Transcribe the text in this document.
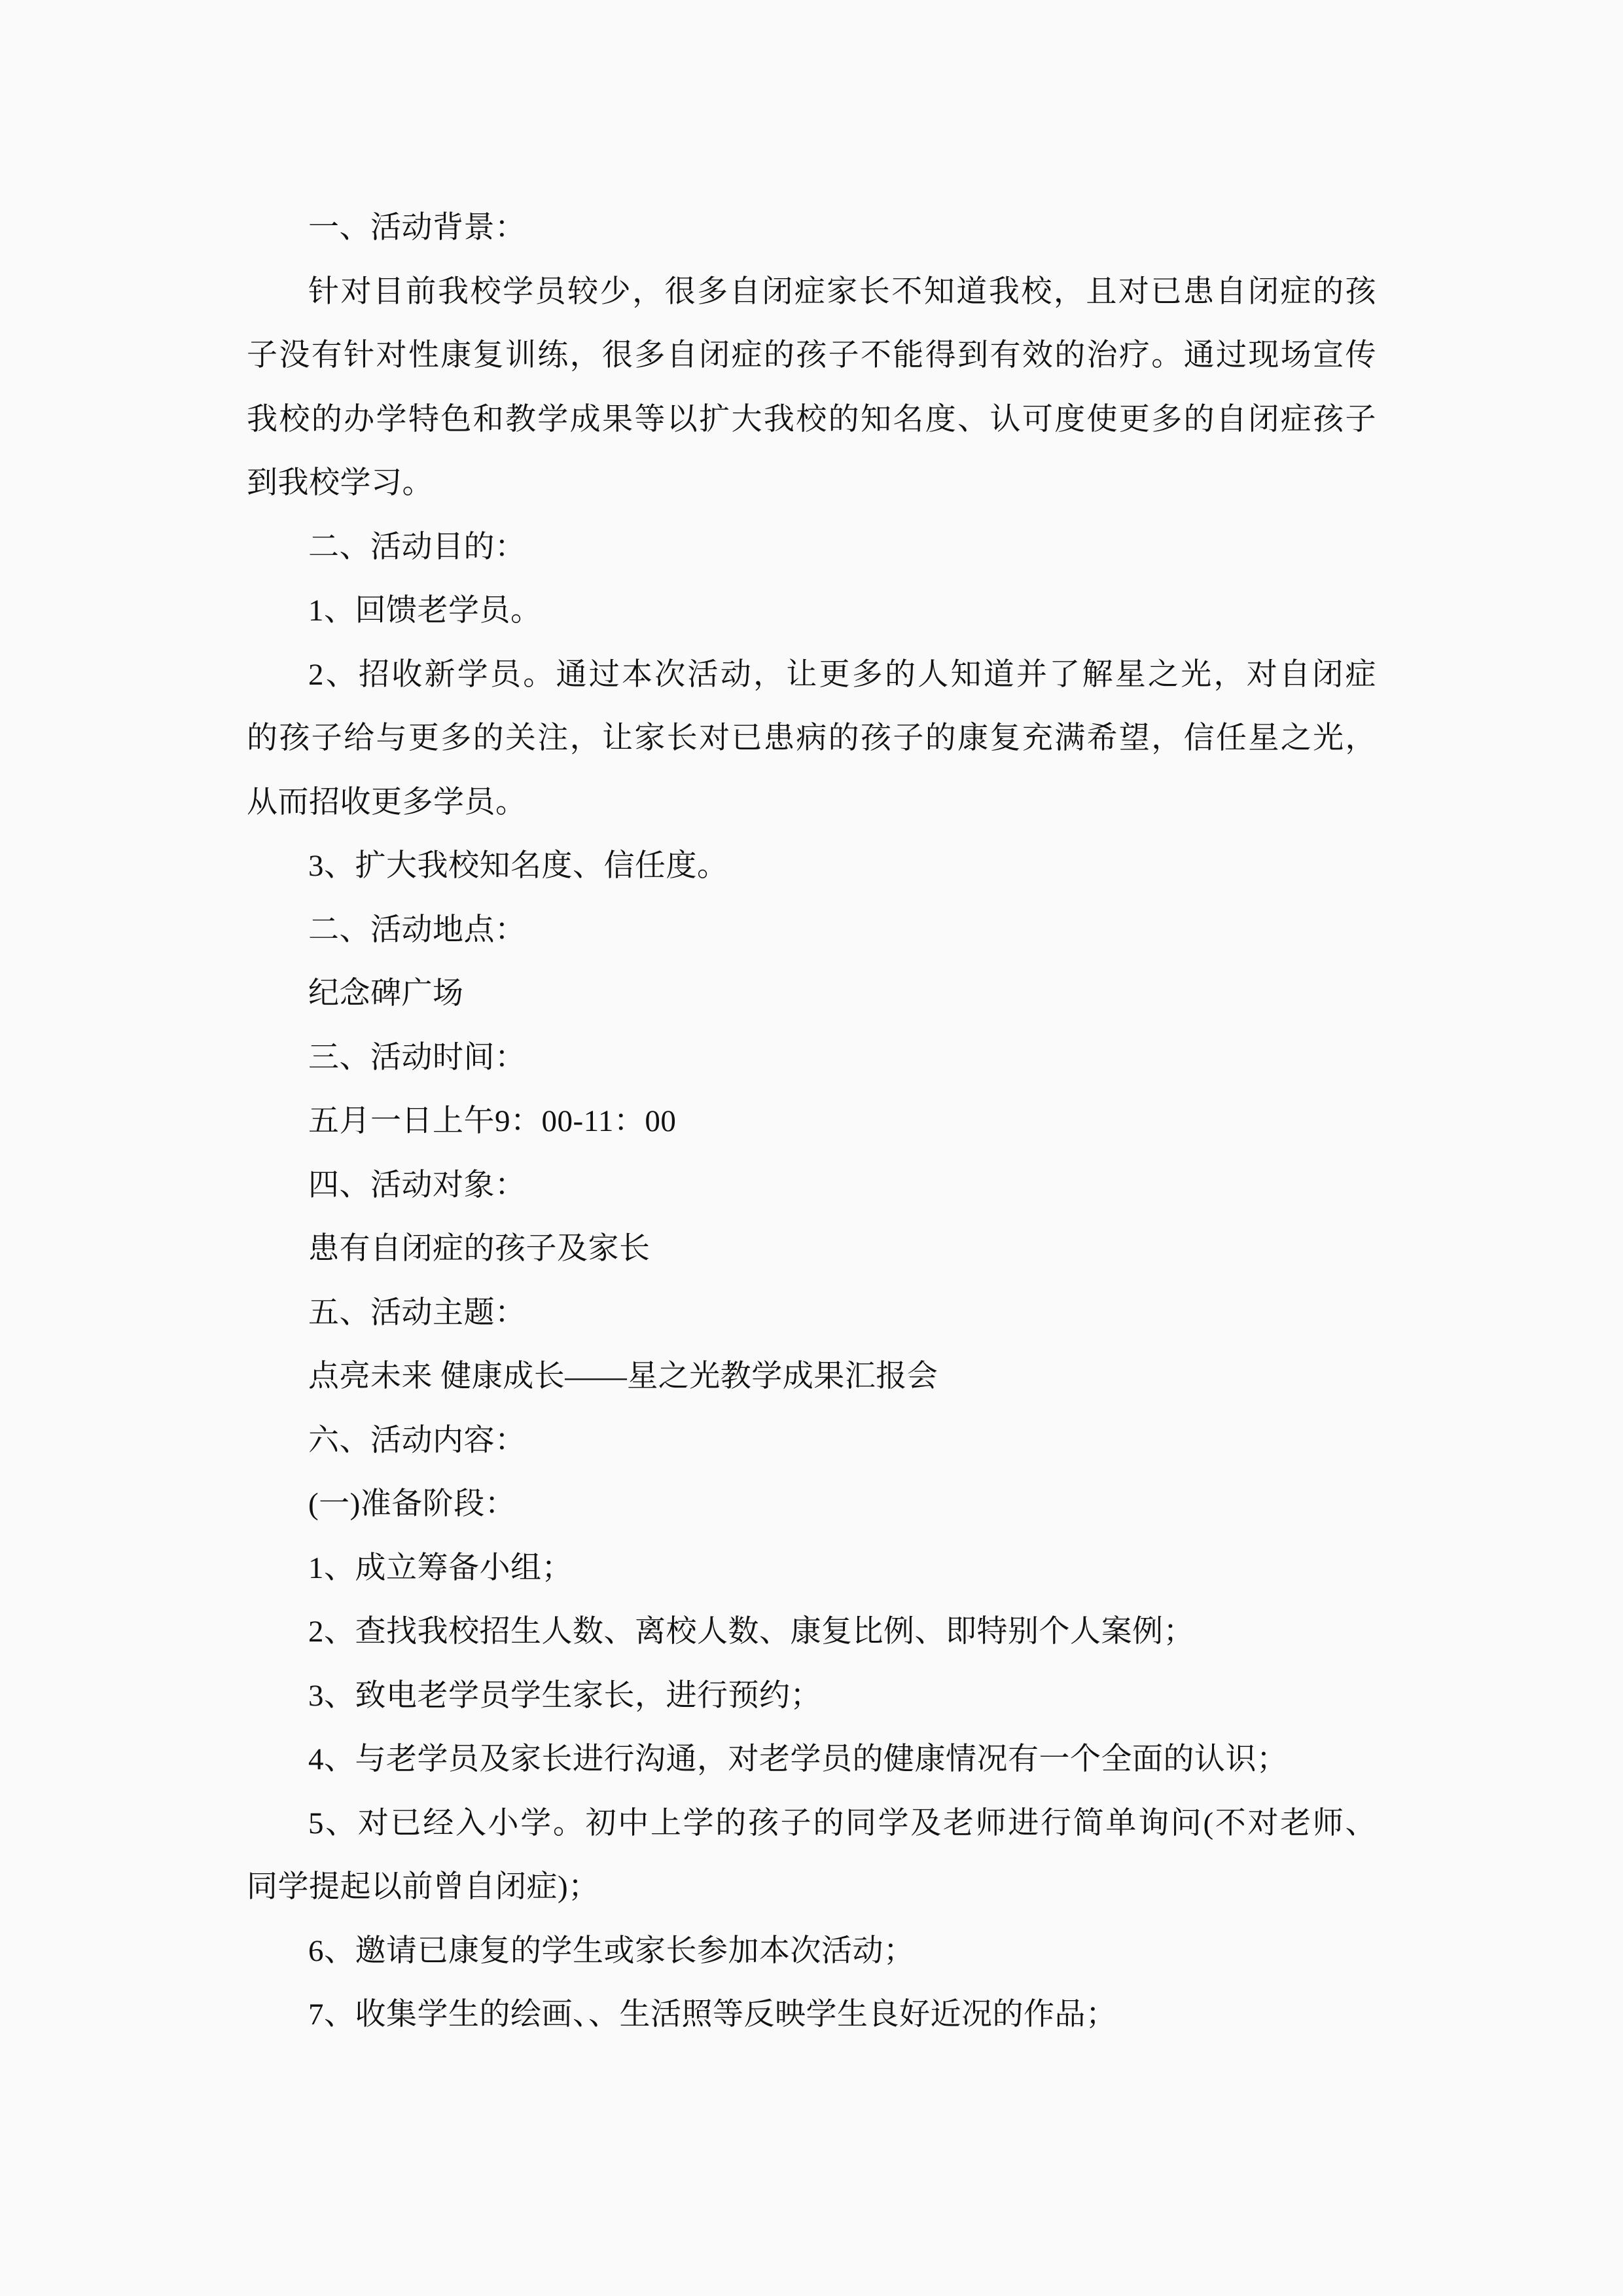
一、活动背景：
针对目前我校学员较少，很多自闭症家长不知道我校，且对已患自闭症的孩
子没有针对性康复训练，很多自闭症的孩子不能得到有效的治疗。通过现场宣传
我校的办学特色和教学成果等以扩大我校的知名度、认可度使更多的自闭症孩子
到我校学习。
二、活动目的：
1、回馈老学员。
2、招收新学员。通过本次活动，让更多的人知道并了解星之光，对自闭症
的孩子给与更多的关注，让家长对已患病的孩子的康复充满希望，信任星之光，
从而招收更多学员。
3、扩大我校知名度、信任度。
二、活动地点：
纪念碑广场
三、活动时间：
五月一日上午9：00-11：00
四、活动对象：
患有自闭症的孩子及家长
五、活动主题：
点亮未来 健康成长——星之光教学成果汇报会
六、活动内容：
(一)准备阶段：
1、成立筹备小组；
2、查找我校招生人数、离校人数、康复比例、即特别个人案例；
3、致电老学员学生家长，进行预约；
4、与老学员及家长进行沟通，对老学员的健康情况有一个全面的认识；
5、对已经入小学。初中上学的孩子的同学及老师进行简单询问(不对老师、
同学提起以前曾自闭症)；
6、邀请已康复的学生或家长参加本次活动；
7、收集学生的绘画、、生活照等反映学生良好近况的作品；
